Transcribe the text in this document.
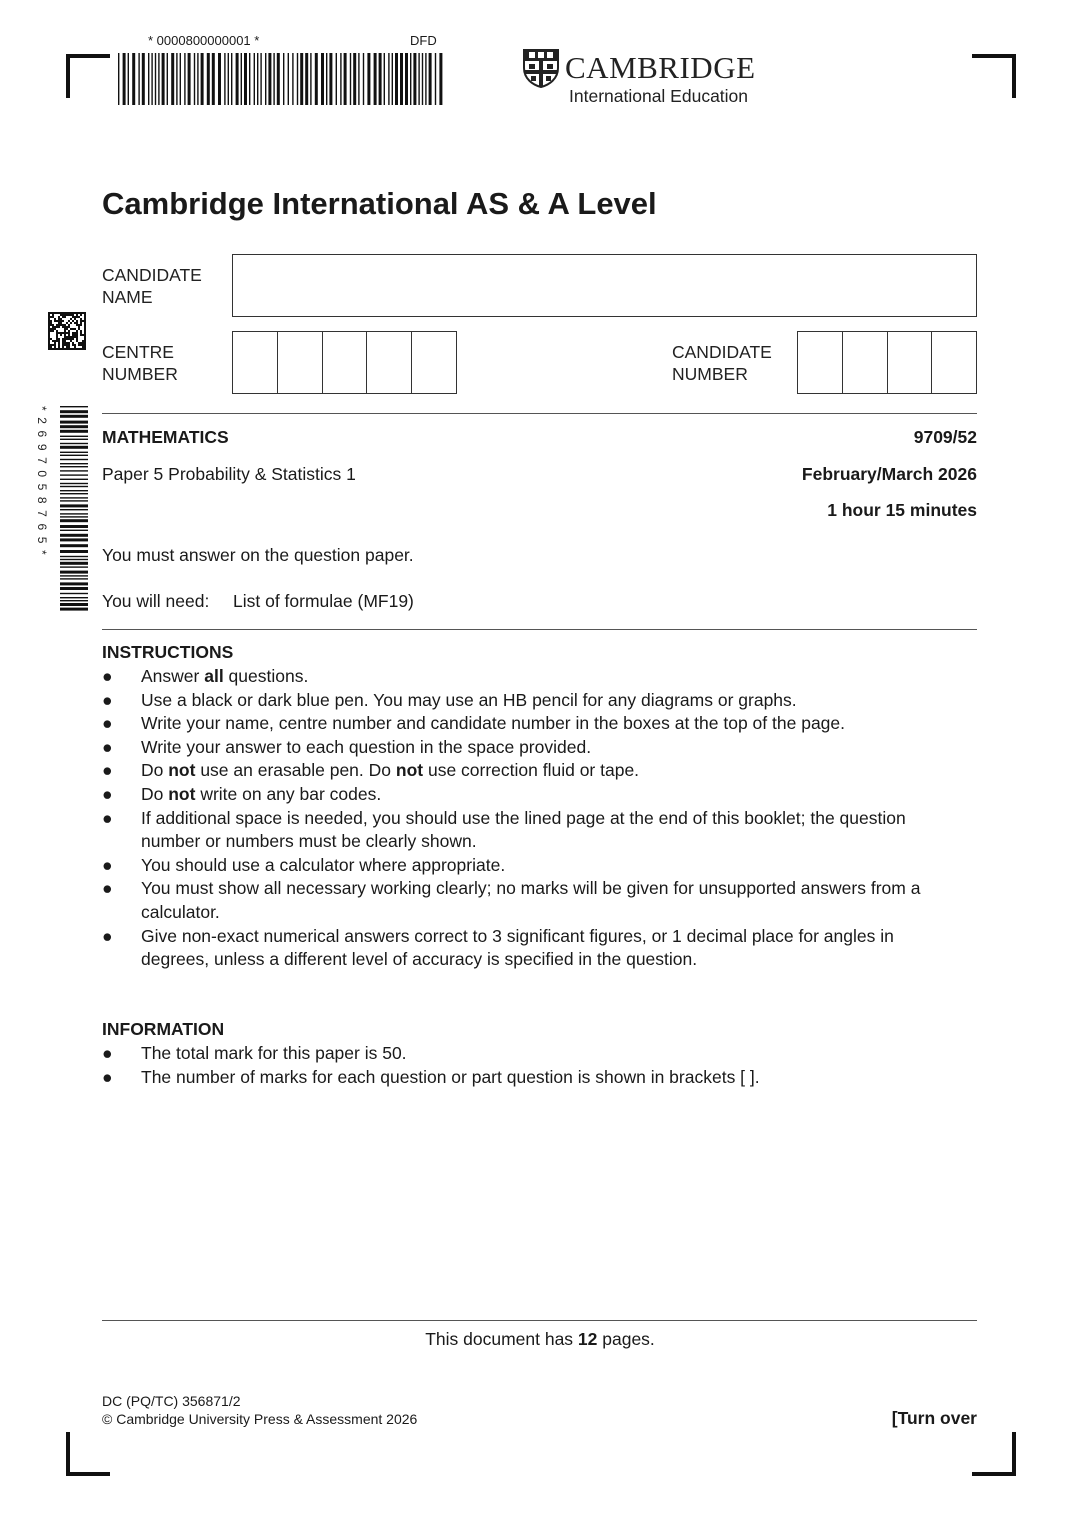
* 0000800000001 *	DFD
CAMBRIDGE
International Education
Cambridge International AS & A Level
CANDIDATE
NAME
CENTRE
NUMBER
CANDIDATE
NUMBER
*2697058765*	MATHEMATICS	9709/52
Paper 5 Probability & Statistics 1	February/March 2026
1 hour 15 minutes
You must answer on the question paper.
You will need: List of formulae (MF19)
INSTRUCTIONS
● Answer all questions.
● Use a black or dark blue pen. You may use an HB pencil for any diagrams or graphs.
● Write your name, centre number and candidate number in the boxes at the top of the page.
● Write your answer to each question in the space provided.
● Do not use an erasable pen. Do not use correction fluid or tape.
● Do not write on any bar codes.
● If additional space is needed, you should use the lined page at the end of this booklet; the question number or numbers must be clearly shown.
● You should use a calculator where appropriate.
● You must show all necessary working clearly; no marks will be given for unsupported answers from a calculator.
● Give non-exact numerical answers correct to 3 significant figures, or 1 decimal place for angles in degrees, unless a different level of accuracy is specified in the question.
INFORMATION
● The total mark for this paper is 50.
● The number of marks for each question or part question is shown in brackets [ ].
This document has 12 pages.
DC (PQ/TC) 356871/2
© Cambridge University Press & Assessment 2026	[Turn over
